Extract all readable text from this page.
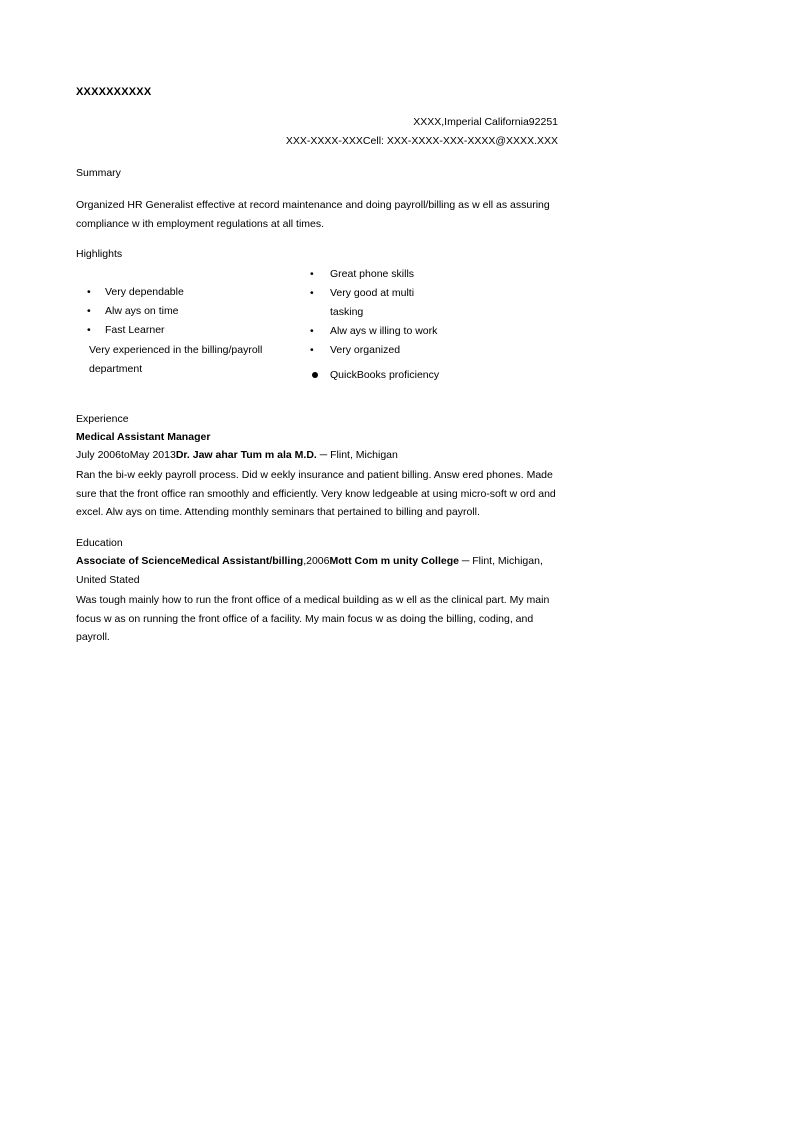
XXXXXXXXXX
XXXX,Imperial California92251
XXX-XXXX-XXXCell: XXX-XXXX-XXX-XXXX@XXXX.XXX
Summary
Organized HR Generalist effective at record maintenance and doing payroll/billing as w ell as assuring compliance w ith employment regulations at all times.
Highlights
• Very dependable
• Alw ays on time
• Fast Learner
Very experienced in the billing/payroll department
• Great phone skills
• Very good at multi tasking
• Alw ays w illing to work
• Very organized
QuickBooks proficiency
Experience
Medical Assistant Manager
July 2006toMay 2013Dr. Jaw ahar Tum m ala M.D. ─ Flint, Michigan
Ran the bi-w eekly payroll process. Did w eekly insurance and patient billing. Answ ered phones. Made sure that the front office ran smoothly and efficiently. Very know ledgeable at using micro-soft w ord and excel. Alw ays on time. Attending monthly seminars that pertained to billing and payroll.
Education
Associate of ScienceMedical Assistant/billing,2006Mott Com m unity College ─ Flint, Michigan,
United Stated
Was tough mainly how to run the front office of a medical building as w ell as the clinical part. My main focus w as on running the front office of a facility. My main focus w as doing the billing, coding, and payroll.
